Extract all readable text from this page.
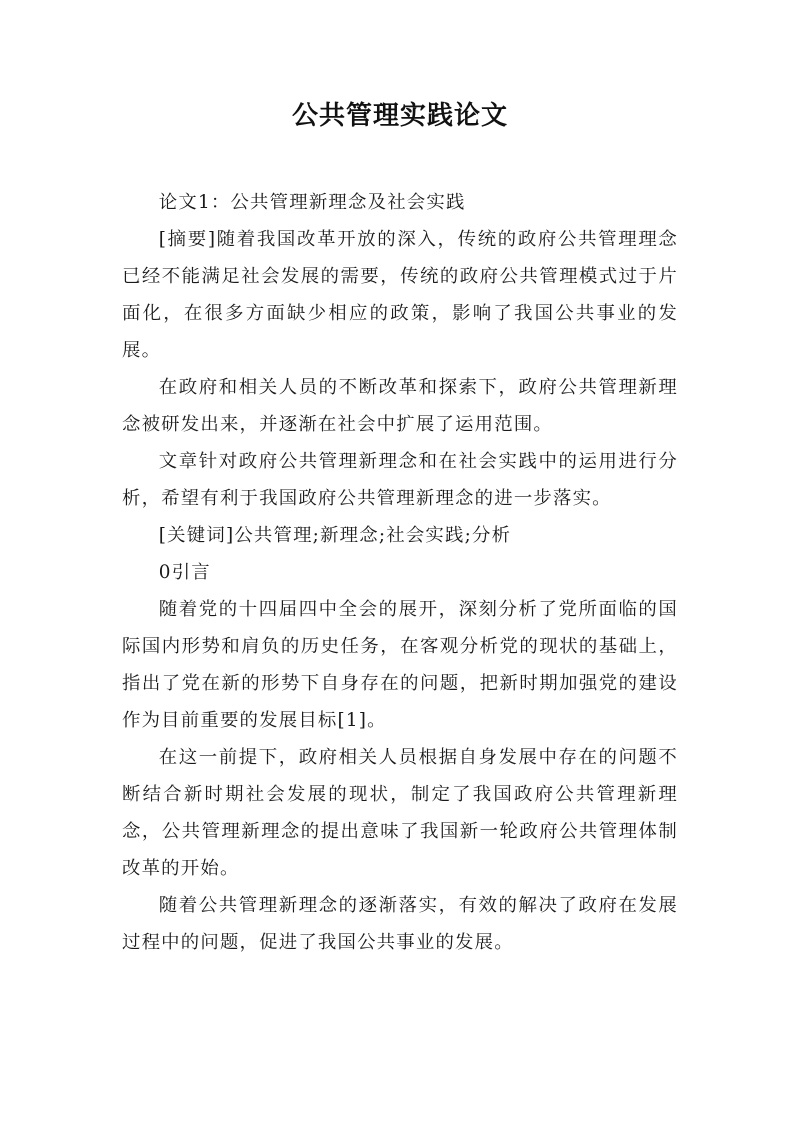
公共管理实践论文

论文1：公共管理新理念及社会实践

[摘要]随着我国改革开放的深入，传统的政府公共管理理念已经不能满足社会发展的需要，传统的政府公共管理模式过于片面化，在很多方面缺少相应的政策，影响了我国公共事业的发展。

在政府和相关人员的不断改革和探索下，政府公共管理新理念被研发出来，并逐渐在社会中扩展了运用范围。

文章针对政府公共管理新理念和在社会实践中的运用进行分析，希望有利于我国政府公共管理新理念的进一步落实。

[关键词]公共管理;新理念;社会实践;分析

0引言

随着党的十四届四中全会的展开，深刻分析了党所面临的国际国内形势和肩负的历史任务，在客观分析党的现状的基础上，指出了党在新的形势下自身存在的问题，把新时期加强党的建设作为目前重要的发展目标[1]。

在这一前提下，政府相关人员根据自身发展中存在的问题不断结合新时期社会发展的现状，制定了我国政府公共管理新理念，公共管理新理念的提出意味了我国新一轮政府公共管理体制改革的开始。

随着公共管理新理念的逐渐落实，有效的解决了政府在发展过程中的问题，促进了我国公共事业的发展。
